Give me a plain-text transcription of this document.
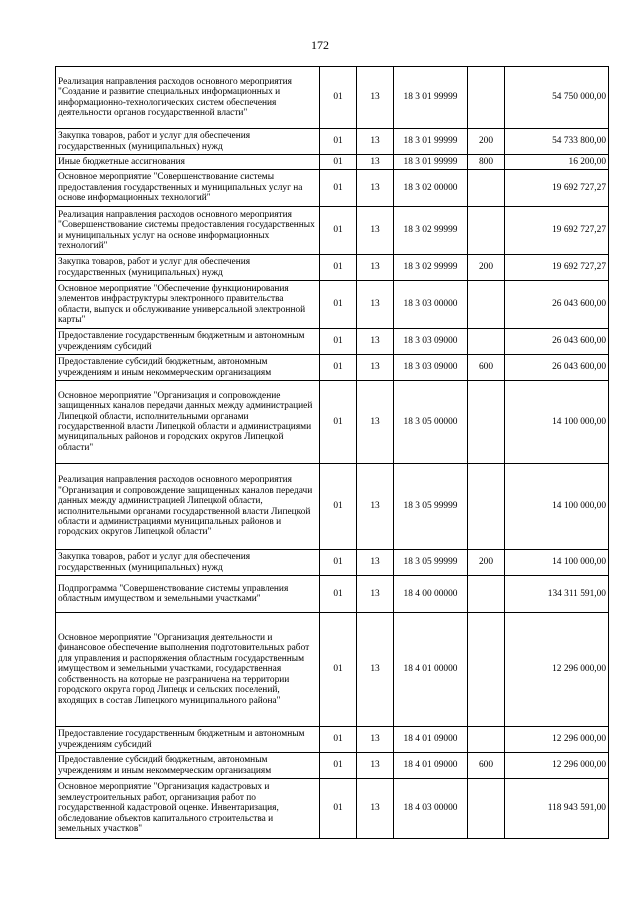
172
Реализация направления расходов основного мероприятия "Создание и развитие специальных информационных и информационно-технологических систем обеспечения деятельности органов государственной власти"	01	13	18 3 01 99999		54 750 000,00
Закупка товаров, работ и услуг для обеспечения государственных (муниципальных) нужд	01	13	18 3 01 99999	200	54 733 800,00
Иные бюджетные ассигнования	01	13	18 3 01 99999	800	16 200,00
Основное мероприятие "Совершенствование системы предоставления государственных и муниципальных услуг на основе информационных технологий"	01	13	18 3 02 00000		19 692 727,27
Реализация направления расходов основного мероприятия "Совершенствование системы предоставления государственных и муниципальных услуг на основе информационных технологий"	01	13	18 3 02 99999		19 692 727,27
Закупка товаров, работ и услуг для обеспечения государственных (муниципальных) нужд	01	13	18 3 02 99999	200	19 692 727,27
Основное мероприятие "Обеспечение функционирования элементов инфраструктуры электронного правительства области, выпуск и обслуживание универсальной электронной карты"	01	13	18 3 03 00000		26 043 600,00
Предоставление государственным бюджетным и автономным учреждениям субсидий	01	13	18 3 03 09000		26 043 600,00
Предоставление субсидий бюджетным, автономным учреждениям и иным некоммерческим организациям	01	13	18 3 03 09000	600	26 043 600,00
Основное мероприятие "Организация и сопровождение защищенных каналов передачи данных между администрацией Липецкой области, исполнительными органами государственной власти Липецкой области и администрациями муниципальных районов и городских округов Липецкой области"	01	13	18 3 05 00000		14 100 000,00
Реализация направления расходов основного мероприятия "Организация и сопровождение защищенных каналов передачи данных между администрацией Липецкой области, исполнительными органами государственной власти Липецкой области и администрациями муниципальных районов и городских округов Липецкой области"	01	13	18 3 05 99999		14 100 000,00
Закупка товаров, работ и услуг для обеспечения государственных (муниципальных) нужд	01	13	18 3 05 99999	200	14 100 000,00
Подпрограмма "Совершенствование системы управления областным имуществом и земельными участками"	01	13	18 4 00 00000		134 311 591,00
Основное мероприятие "Организация деятельности и финансовое обеспечение выполнения подготовительных работ для управления и распоряжения областным государственным имуществом и земельными участками, государственная собственность на которые не разграничена на территории городского округа город Липецк и сельских поселений, входящих в состав Липецкого муниципального района"	01	13	18 4 01 00000		12 296 000,00
Предоставление государственным бюджетным и автономным учреждениям субсидий	01	13	18 4 01 09000		12 296 000,00
Предоставление субсидий бюджетным, автономным учреждениям и иным некоммерческим организациям	01	13	18 4 01 09000	600	12 296 000,00
Основное мероприятие "Организация кадастровых и землеустроительных работ, организация работ по государственной кадастровой оценке. Инвентаризация, обследование объектов капитального строительства и земельных участков"	01	13	18 4 03 00000		118 943 591,00
